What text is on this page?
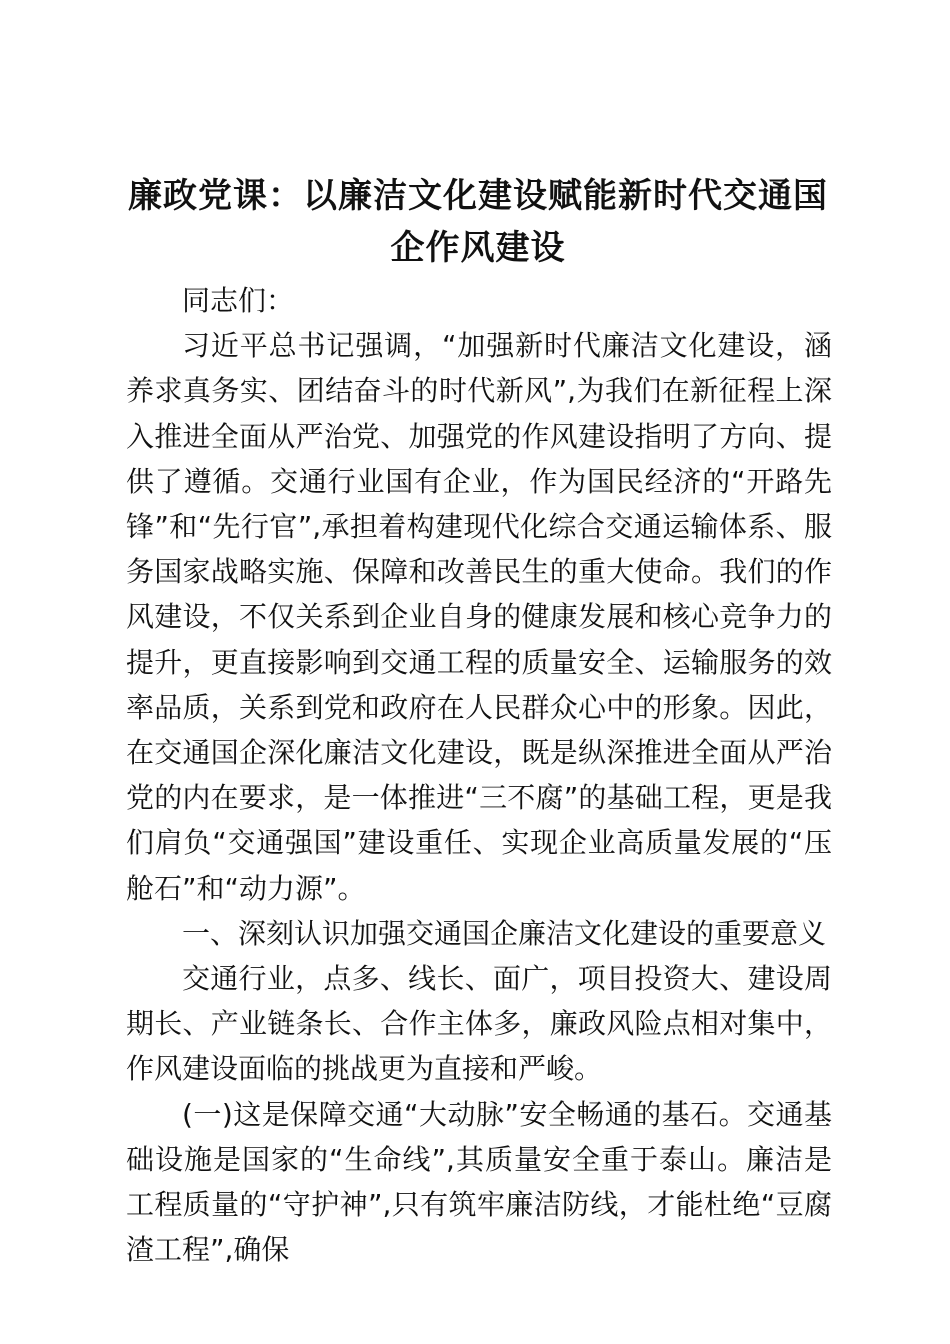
廉政党课：以廉洁文化建设赋能新时代交通国
企作风建设

同志们：

习近平总书记强调，“加强新时代廉洁文化建设，涵养求真务实、团结奋斗的时代新风”,为我们在新征程上深入推进全面从严治党、加强党的作风建设指明了方向、提供了遵循。交通行业国有企业，作为国民经济的“开路先锋”和“先行官”,承担着构建现代化综合交通运输体系、服务国家战略实施、保障和改善民生的重大使命。我们的作风建设，不仅关系到企业自身的健康发展和核心竞争力的提升，更直接影响到交通工程的质量安全、运输服务的效率品质，关系到党和政府在人民群众心中的形象。因此，在交通国企深化廉洁文化建设，既是纵深推进全面从严治党的内在要求，是一体推进“三不腐”的基础工程，更是我们肩负“交通强国”建设重任、实现企业高质量发展的“压舱石”和“动力源”。

一、深刻认识加强交通国企廉洁文化建设的重要意义

交通行业，点多、线长、面广，项目投资大、建设周期长、产业链条长、合作主体多，廉政风险点相对集中，作风建设面临的挑战更为直接和严峻。

(一)这是保障交通“大动脉”安全畅通的基石。交通基础设施是国家的“生命线”,其质量安全重于泰山。廉洁是工程质量的“守护神”,只有筑牢廉洁防线，才能杜绝“豆腐渣工程”,确保
